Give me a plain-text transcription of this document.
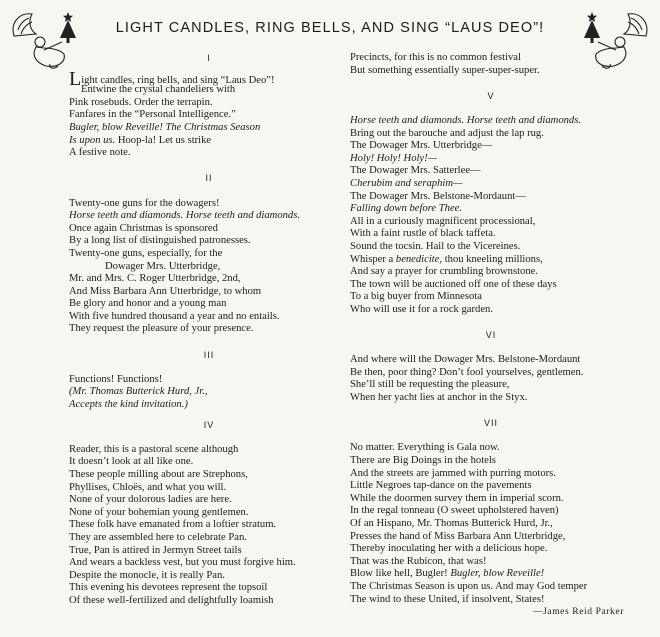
LIGHT CANDLES, RING BELLS, AND SING “LAUS DEO”!
I
Light candles, ring bells, and sing “Laus Deo”!
Entwine the crystal chandeliers with
Pink rosebuds. Order the terrapin.
Fanfares in the “Personal Intelligence.”
Bugler, blow Reveille! The Christmas Season
Is upon us. Hoop-la! Let us strike
A festive note.
II
Twenty-one guns for the dowagers!
Horse teeth and diamonds. Horse teeth and diamonds.
Once again Christmas is sponsored
By a long list of distinguished patronesses.
Twenty-one guns, especially, for the
Dowager Mrs. Utterbridge,
Mr. and Mrs. C. Roger Utterbridge, 2nd,
And Miss Barbara Ann Utterbridge, to whom
Be glory and honor and a young man
With five hundred thousand a year and no entails.
They request the pleasure of your presence.
III
Functions! Functions!
(Mr. Thomas Butterick Hurd, Jr.,
Accepts the kind invitation.)
IV
Reader, this is a pastoral scene although
It doesn’t look at all like one.
These people milling about are Strephons,
Phyllises, Chloës, and what you will.
None of your dolorous ladies are here.
None of your bohemian young gentlemen.
These folk have emanated from a loftier stratum.
They are assembled here to celebrate Pan.
True, Pan is attired in Jermyn Street tails
And wears a backless vest, but you must forgive him.
Despite the monocle, it is really Pan.
This evening his devotees represent the topsoil
Of these well-fertilized and delightfully loamish
Precincts, for this is no common festival
But something essentially super-super-super.
V
Horse teeth and diamonds. Horse teeth and diamonds.
Bring out the barouche and adjust the lap rug.
The Dowager Mrs. Utterbridge—
Holy! Holy! Holy!—
The Dowager Mrs. Satterlee—
Cherubim and seraphim—
The Dowager Mrs. Belstone-Mordaunt—
Falling down before Thee.
All in a curiously magnificent processional,
With a faint rustle of black taffeta.
Sound the tocsin. Hail to the Vicereines.
Whisper a benedicite, thou kneeling millions,
And say a prayer for crumbling brownstone.
The town will be auctioned off one of these days
To a big buyer from Minnesota
Who will use it for a rock garden.
VI
And where will the Dowager Mrs. Belstone-Mordaunt
Be then, poor thing? Don’t fool yourselves, gentlemen.
She’ll still be requesting the pleasure,
When her yacht lies at anchor in the Styx.
VII
No matter. Everything is Gala now.
There are Big Doings in the hotels
And the streets are jammed with purring motors.
Little Negroes tap-dance on the pavements
While the doormen survey them in imperial scorn.
In the regal tonneau (O sweet upholstered haven)
Of an Hispano, Mr. Thomas Butterick Hurd, Jr.,
Presses the hand of Miss Barbara Ann Utterbridge,
Thereby inoculating her with a delicious hope.
That was the Rubicon, that was!
Blow like hell, Bugler! Bugler, blow Reveille!
The Christmas Season is upon us. And may God temper
The wind to these United, if insolvent, States!
—James Reid Parker
